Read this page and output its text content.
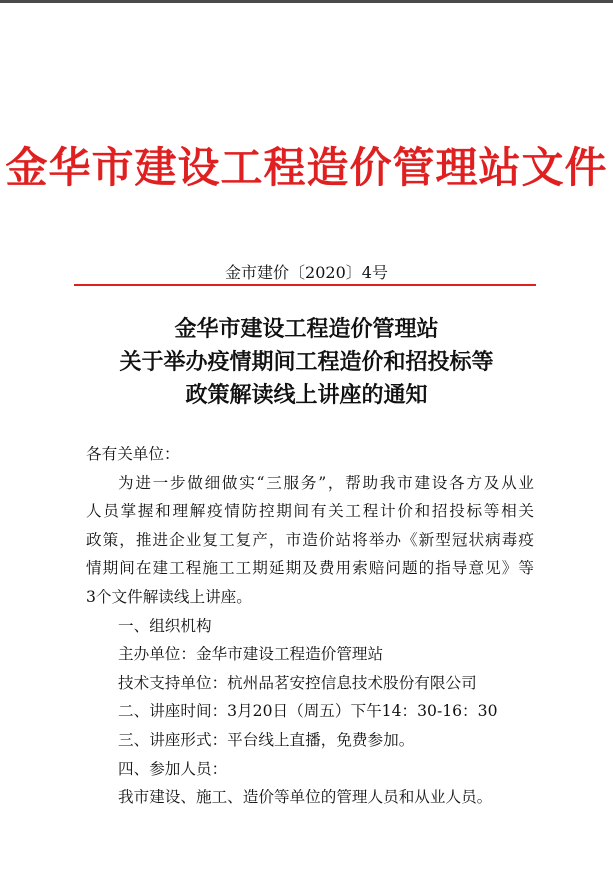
金华市建设工程造价管理站文件
金市建价〔2020〕4号
金华市建设工程造价管理站
关于举办疫情期间工程造价和招投标等
政策解读线上讲座的通知
各有关单位：
为进一步做细做实“三服务”，帮助我市建设各方及从业
人员掌握和理解疫情防控期间有关工程计价和招投标等相关
政策，推进企业复工复产，市造价站将举办《新型冠状病毒疫
情期间在建工程施工工期延期及费用索赔问题的指导意见》等
3个文件解读线上讲座。
一、组织机构
主办单位：金华市建设工程造价管理站
技术支持单位：杭州品茗安控信息技术股份有限公司
二、讲座时间：3月20日（周五）下午14：30-16：30
三、讲座形式：平台线上直播，免费参加。
四、参加人员：
我市建设、施工、造价等单位的管理人员和从业人员。
